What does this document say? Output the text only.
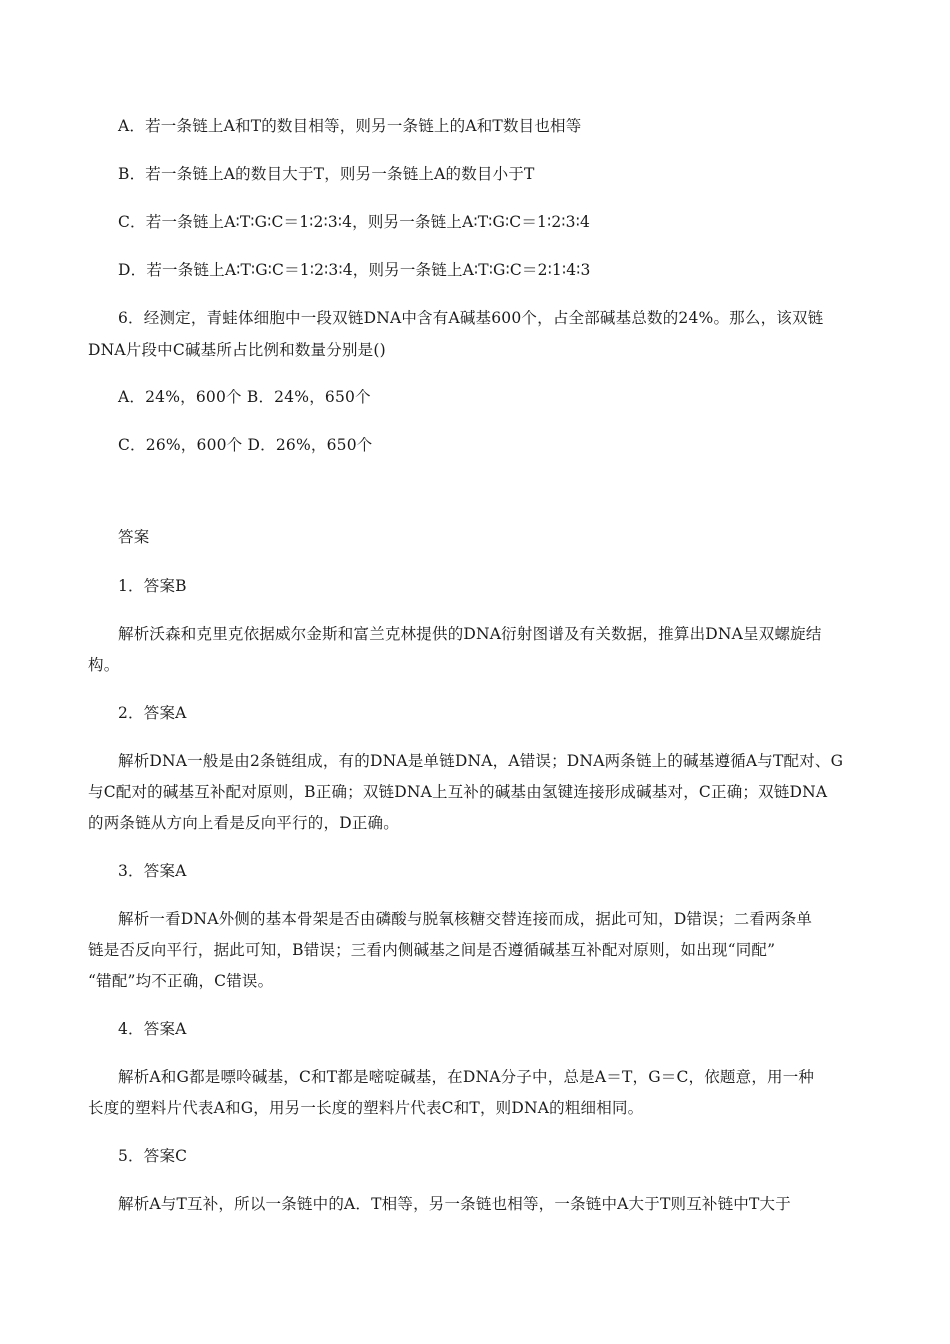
A．若一条链上A和T的数目相等，则另一条链上的A和T数目也相等
B．若一条链上A的数目大于T，则另一条链上A的数目小于T
C．若一条链上A∶T∶G∶C＝1∶2∶3∶4，则另一条链上A∶T∶G∶C＝1∶2∶3∶4
D．若一条链上A∶T∶G∶C＝1∶2∶3∶4，则另一条链上A∶T∶G∶C＝2∶1∶4∶3
6．经测定，青蛙体细胞中一段双链DNA中含有A碱基600个，占全部碱基总数的24%。那么，该双链
DNA片段中C碱基所占比例和数量分别是()
A．24%，600个 B．24%，650个
C．26%，600个 D．26%，650个
答案
1．答案B
解析沃森和克里克依据威尔金斯和富兰克林提供的DNA衍射图谱及有关数据，推算出DNA呈双螺旋结
构。
2．答案A
解析DNA一般是由2条链组成，有的DNA是单链DNA，A错误；DNA两条链上的碱基遵循A与T配对、G
与C配对的碱基互补配对原则，B正确；双链DNA上互补的碱基由氢键连接形成碱基对，C正确；双链DNA
的两条链从方向上看是反向平行的，D正确。
3．答案A
解析一看DNA外侧的基本骨架是否由磷酸与脱氧核糖交替连接而成，据此可知，D错误；二看两条单
链是否反向平行，据此可知，B错误；三看内侧碱基之间是否遵循碱基互补配对原则，如出现“同配”
“错配”均不正确，C错误。
4．答案A
解析A和G都是嘌呤碱基，C和T都是嘧啶碱基，在DNA分子中，总是A＝T，G＝C，依题意，用一种
长度的塑料片代表A和G，用另一长度的塑料片代表C和T，则DNA的粗细相同。
5．答案C
解析A与T互补，所以一条链中的A．T相等，另一条链也相等，一条链中A大于T则互补链中T大于
